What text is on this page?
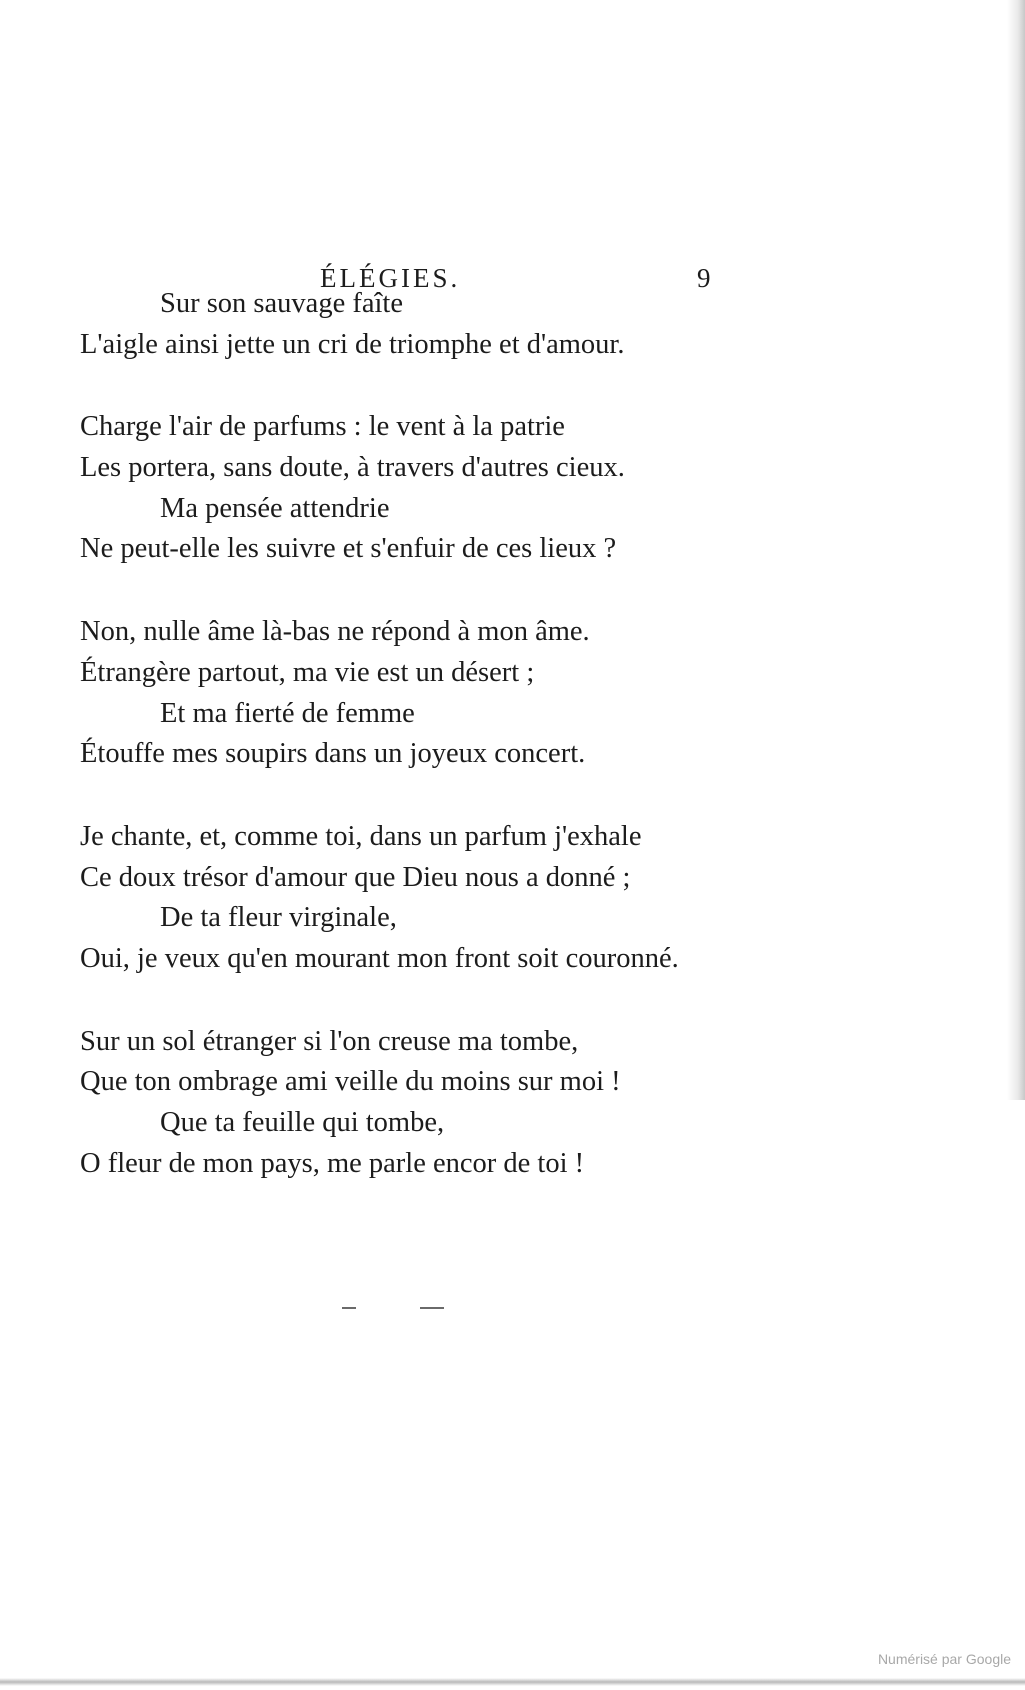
ÉLÉGIES.	9
Sur son sauvage faîte
L'aigle ainsi jette un cri de triomphe et d'amour.
Charge l'air de parfums : le vent à la patrie
Les portera, sans doute, à travers d'autres cieux.
Ma pensée attendrie
Ne peut-elle les suivre et s'enfuir de ces lieux ?
Non, nulle âme là-bas ne répond à mon âme.
Étrangère partout, ma vie est un désert ;
Et ma fierté de femme
Étouffe mes soupirs dans un joyeux concert.
Je chante, et, comme toi, dans un parfum j'exhale
Ce doux trésor d'amour que Dieu nous a donné ;
De ta fleur virginale,
Oui, je veux qu'en mourant mon front soit couronné.
Sur un sol étranger si l'on creuse ma tombe,
Que ton ombrage ami veille du moins sur moi !
Que ta feuille qui tombe,
O fleur de mon pays, me parle encor de toi !
Numérisé par Google
